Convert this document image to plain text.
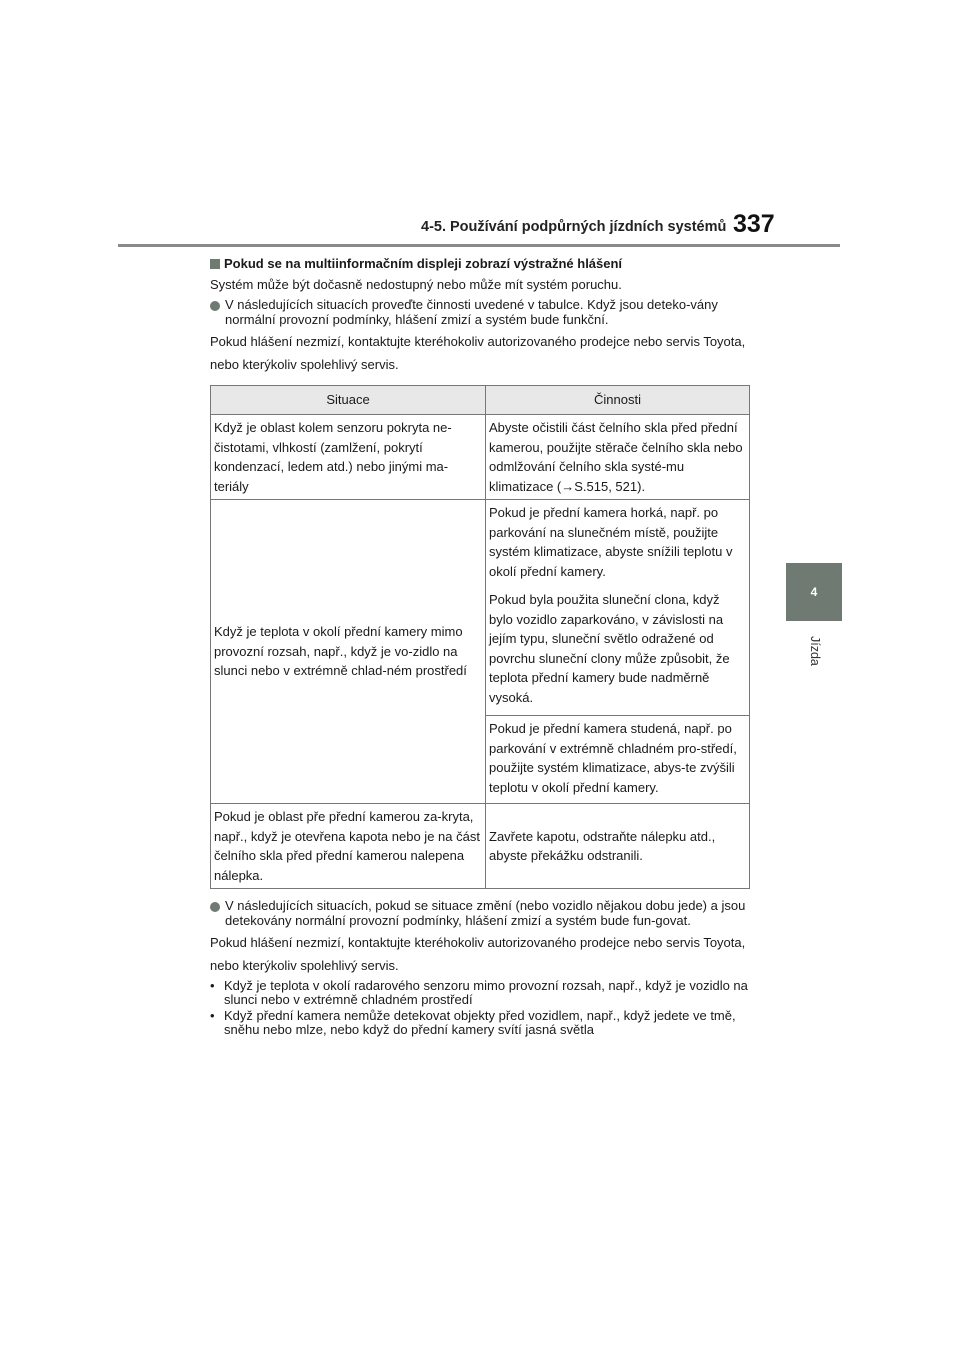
4-5. Používání podpůrných jízdních systémů 337
4
Jízda
Pokud se na multiinformačním displeji zobrazí výstražné hlášení

Systém může být dočasně nedostupný nebo může mít systém poruchu.

V následujících situacích proveďte činnosti uvedené v tabulce. Když jsou deteko-vány normální provozní podmínky, hlášení zmizí a systém bude funkční.

Pokud hlášení nezmizí, kontaktujte kteréhokoliv autorizovaného prodejce nebo servis Toyota, nebo kterýkoliv spolehlivý servis.

Situace	Činnosti
Když je oblast kolem senzoru pokryta ne-čistotami, vlhkostí (zamlžení, pokrytí kondenzací, ledem atd.) nebo jinými ma-teriály	Abyste očistili část čelního skla před přední kamerou, použijte stěrače čelního skla nebo odmlžování čelního skla systé-mu klimatizace (→S.515, 521).
Když je teplota v okolí přední kamery mimo provozní rozsah, např., když je vo-zidlo na slunci nebo v extrémně chlad-ném prostředí	Pokud je přední kamera horká, např. po parkování na slunečném místě, použijte systém klimatizace, abyste snížili teplotu v okolí přední kamery.
Pokud byla použita sluneční clona, když bylo vozidlo zaparkováno, v závislosti na jejím typu, sluneční světlo odražené od povrchu sluneční clony může způsobit, že teplota přední kamery bude nadměrně vysoká.
Pokud je přední kamera studená, např. po parkování v extrémně chladném pro-středí, použijte systém klimatizace, abys-te zvýšili teplotu v okolí přední kamery.

Pokud je oblast pře přední kamerou za-kryta, např., když je otevřena kapota nebo je na část čelního skla před přední kamerou nalepena nálepka.	Zavřete kapotu, odstraňte nálepku atd., abyste překážku odstranili.
V následujících situacích, pokud se situace změní (nebo vozidlo nějakou dobu jede) a jsou detekovány normální provozní podmínky, hlášení zmizí a systém bude fun-govat.

Pokud hlášení nezmizí, kontaktujte kteréhokoliv autorizovaného prodejce nebo servis Toyota, nebo kterýkoliv spolehlivý servis.

• Když je teplota v okolí radarového senzoru mimo provozní rozsah, např., když je vozidlo na slunci nebo v extrémně chladném prostředí
• Když přední kamera nemůže detekovat objekty před vozidlem, např., když jedete ve tmě, sněhu nebo mlze, nebo když do přední kamery svítí jasná světla
